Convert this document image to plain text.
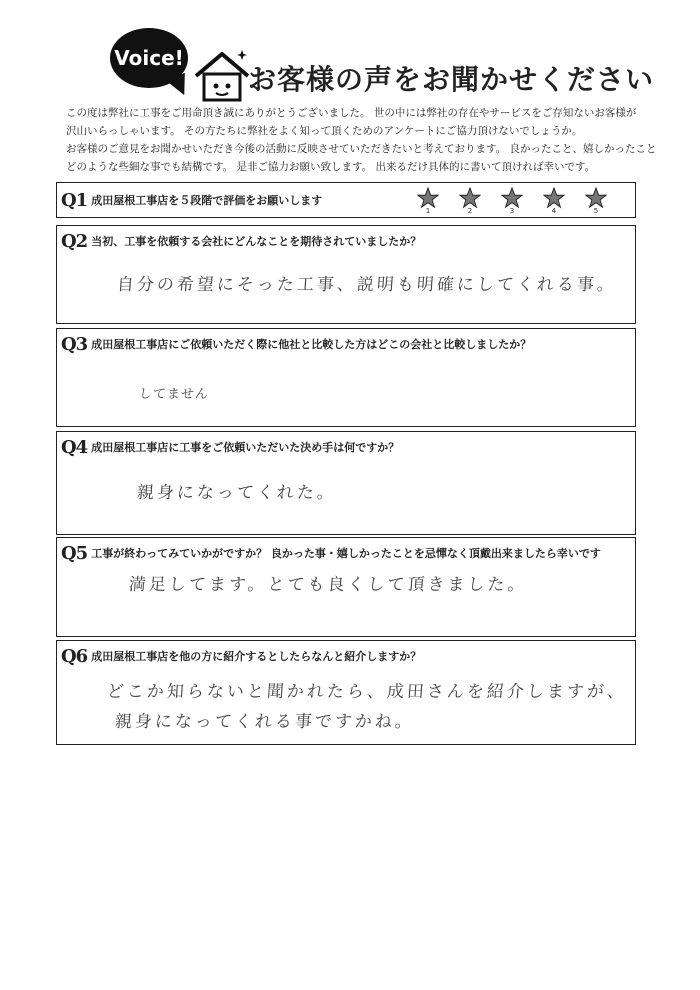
Voice!
お客様の声をお聞かせください

この度は弊社に工事をご用命頂き誠にありがとうございました。 世の中には弊社の存在やサービスをご存知ないお客様が

沢山いらっしゃいます。 その方たちに弊社をよく知って頂くためのアンケートにご協力頂けないでしょうか。

お客様のご意見をお聞かせいただき今後の活動に反映させていただきたいと考えております。 良かったこと、嬉しかったこと

どのような些細な事でも結構です。 是非ご協力お願い致します。 出来るだけ具体的に書いて頂ければ幸いです。

Q1 成田屋根工事店を５段階で評価をお願いします
1	2	3	4	5
Q2 当初、工事を依頼する会社にどんなことを期待されていましたか？
自分の希望にそった工事、説明も明確にしてくれる事。
Q3 成田屋根工事店にご依頼いただく際に他社と比較した方はどこの会社と比較しましたか？
してません
Q4 成田屋根工事店に工事をご依頼いただいた決め手は何ですか？
親身になってくれた。
Q5 工事が終わってみていかがですか？ 良かった事・嬉しかったことを忌憚なく頂戴出来ましたら幸いです
満足してます。とても良くして頂きました。
Q6 成田屋根工事店を他の方に紹介するとしたらなんと紹介しますか？
どこか知らないと聞かれたら、成田さんを紹介しますが、
親身になってくれる事ですかね。
